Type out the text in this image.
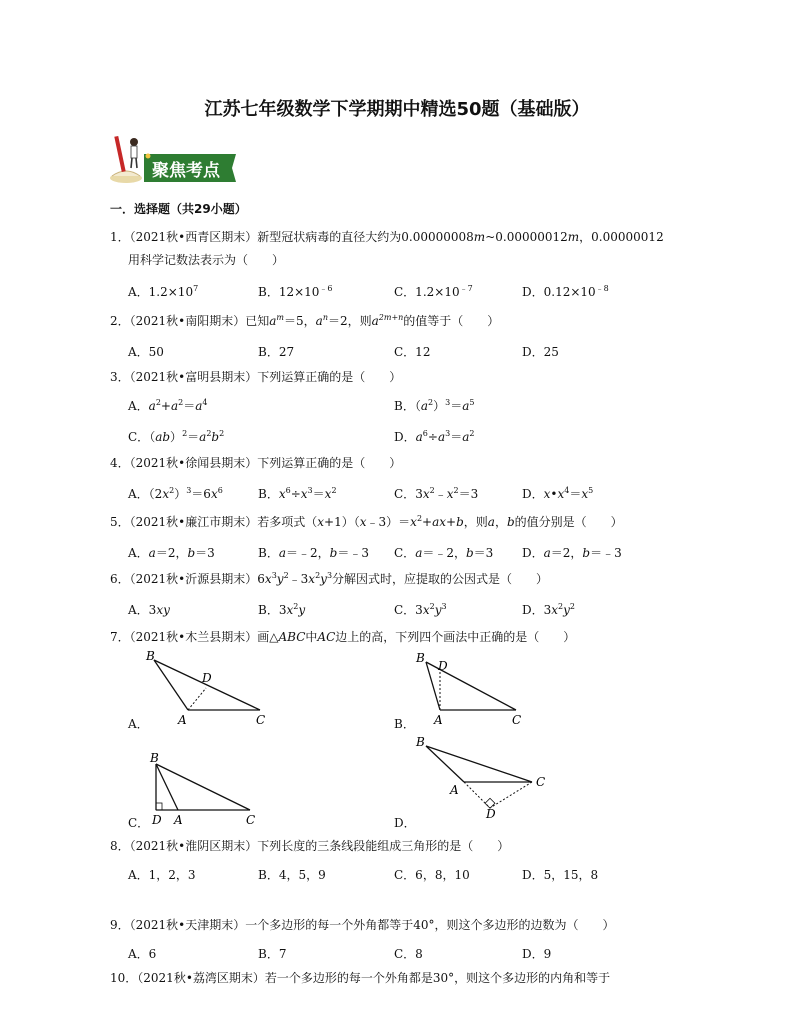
江苏七年级数学下学期期中精选50题（基础版）
聚焦考点
一．选择题（共29小题）
1．（2021秋•西青区期末）新型冠状病毒的直径大约为0.00000008m~0.00000012m，0.00000012
用科学记数法表示为（　　）
A．$1.2\times 10^7$	B．$12\times 10^{﹣6}$	C．$1.2\times 10^{﹣7}$	D．$0.12\times 10^{﹣8}$
2．（2021秋•南阳期末）已知$a^m=5$，$a^n=2$，则$a^{2m+n}$的值等于（　　）
A．50	B．27	C．12	D．25
3．（2021秋•富明县期末）下列运算正确的是（　　）
A．$a^2+a^2=a^4$	B．$(a^2)^3=a^5$
C．$(ab)^2=a^2b^2$	D．$a^6\div a^3=a^2$
4．（2021秋•徐闻县期末）下列运算正确的是（　　）
A．$(2x^2)^3=6x^6$	B．$x^6\div x^3=x^2$	C．$3x^2﹣x^2=3$	D．$x•x^4=x^5$
5．（2021秋•廉江市期末）若多项式$(x+1)(x﹣3)=x^2+ax+b$，则a，b的值分别是（　　）
A．a＝2，b＝3	B．a＝﹣2，b＝﹣3 C．a＝﹣2，b＝3 D．a＝2，b＝﹣3
6．（2021秋•沂源县期末）$6x^3y^2﹣3x^2y^3$分解因式时，应提取的公因式是（　　）
A．3xy	B．$3x^2y$	C．$3x^2y^3$	D．$3x^2y^2$
7．（2021秋•木兰县期末）画△ABC中AC边上的高，下列四个画法中正确的是（　　）
A．
B
D
A	C	B．
B
D
A	C
C．
B
D A	C	D．
B
A
C
D
8．（2021秋•淮阴区期末）下列长度的三条线段能组成三角形的是（　　）
A．1，2，3	B．4，5，9	C．6，8，10	D．5，15，8
9．（2021秋•天津期末）一个多边形的每一个外角都等于40°，则这个多边形的边数为（　　）
A．6	B．7	C．8	D．9
10．（2021秋•荔湾区期末）若一个多边形的每一个外角都是30°，则这个多边形的内角和等于
